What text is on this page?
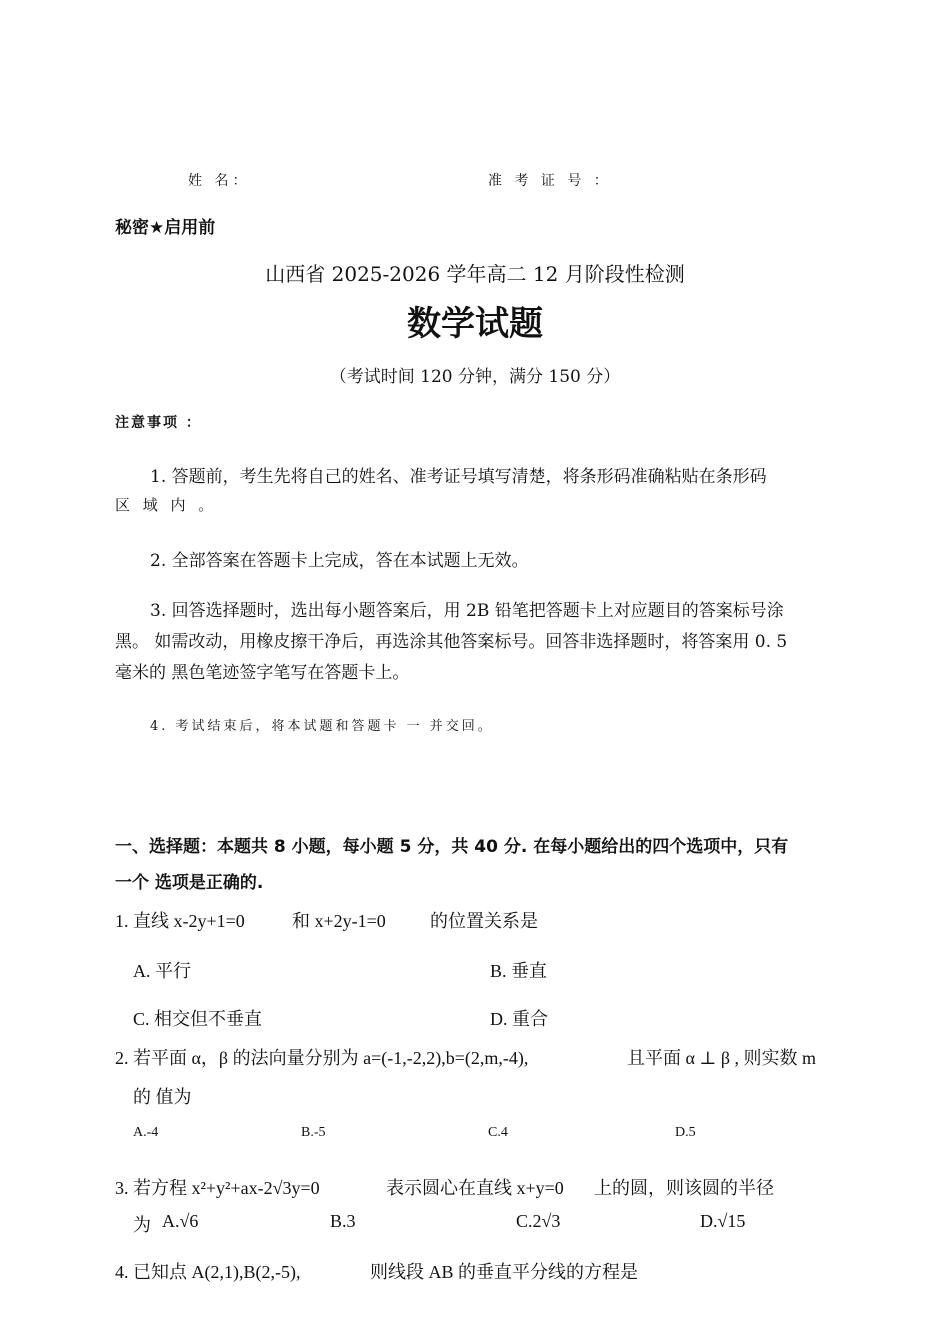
姓 名：	准 考 证 号 ：
秘密★启用前
山西省 2025-2026 学年高二 12 月阶段性检测
数学试题
（考试时间 120 分钟，满分 150 分）
注意事项 ：
1. 答题前，考生先将自己的姓名、准考证号填写清楚，将条形码准确粘贴在条形码
区 域 内 。
2. 全部答案在答题卡上完成，答在本试题上无效。
3. 回答选择题时，选出每小题答案后，用 2B 铅笔把答题卡上对应题目的答案标号涂
黑。 如需改动，用橡皮擦干净后，再选涂其他答案标号。回答非选择题时，将答案用 0. 5
毫米的 黑色笔迹签字笔写在答题卡上。
4. 考试结束后，将本试题和答题卡 一 并交回。
一、选择题：本题共 8 小题，每小题 5 分，共 40 分. 在每小题给出的四个选项中，只有
一个 选项是正确的.
1. 直线 x-2y+1=0	和 x+2y-1=0 的位置关系是
A. 平行	B. 垂直
C. 相交但不垂直	D. 重合
2. 若平面 α，β 的法向量分别为 a=(-1,-2,2),b=(2,m,-4),	且平面 α ⊥ β , 则实数 m
的 值为
A.-4	B.-5	C.4	D.5
3. 若方程 x²+y²+ax-2√3y=0	表示圆心在直线 x+y=0 上的圆，则该圆的半径
为 A.√6	B.3	C.2√3	D.√15
4. 已知点 A(2,1),B(2,-5),	则线段 AB 的垂直平分线的方程是
